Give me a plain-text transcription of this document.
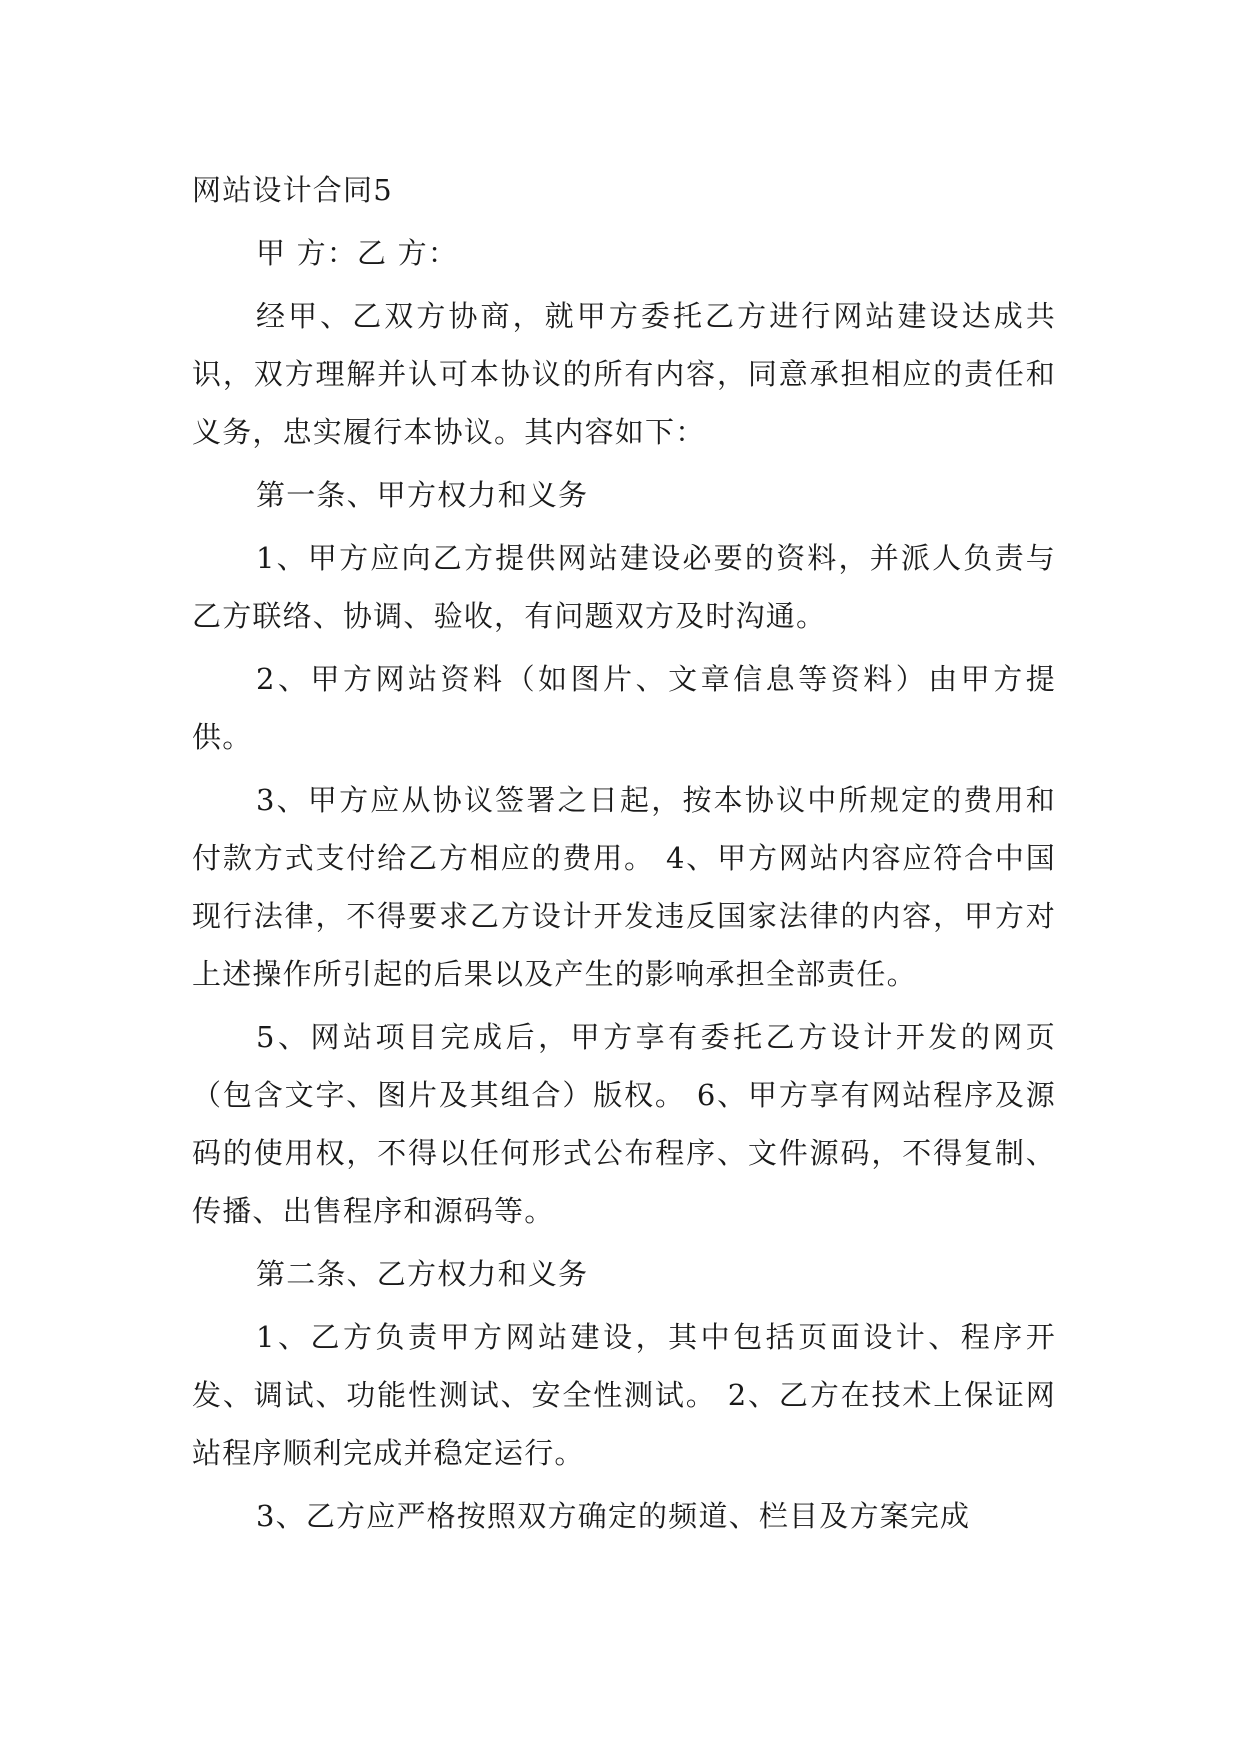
网站设计合同5

甲 方：乙 方：

经甲、乙双方协商，就甲方委托乙方进行网站建设达成共识，双方理解并认可本协议的所有内容，同意承担相应的责任和义务，忠实履行本协议。其内容如下：

第一条、甲方权力和义务

1、甲方应向乙方提供网站建设必要的资料，并派人负责与乙方联络、协调、验收，有问题双方及时沟通。

2、甲方网站资料（如图片、文章信息等资料）由甲方提供。

3、甲方应从协议签署之日起，按本协议中所规定的费用和付款方式支付给乙方相应的费用。 4、甲方网站内容应符合中国现行法律，不得要求乙方设计开发违反国家法律的内容，甲方对上述操作所引起的后果以及产生的影响承担全部责任。

5、网站项目完成后，甲方享有委托乙方设计开发的网页（包含文字、图片及其组合）版权。 6、甲方享有网站程序及源码的使用权，不得以任何形式公布程序、文件源码，不得复制、传播、出售程序和源码等。

第二条、乙方权力和义务

1、乙方负责甲方网站建设，其中包括页面设计、程序开发、调试、功能性测试、安全性测试。 2、乙方在技术上保证网站程序顺利完成并稳定运行。

3、乙方应严格按照双方确定的频道、栏目及方案完成
